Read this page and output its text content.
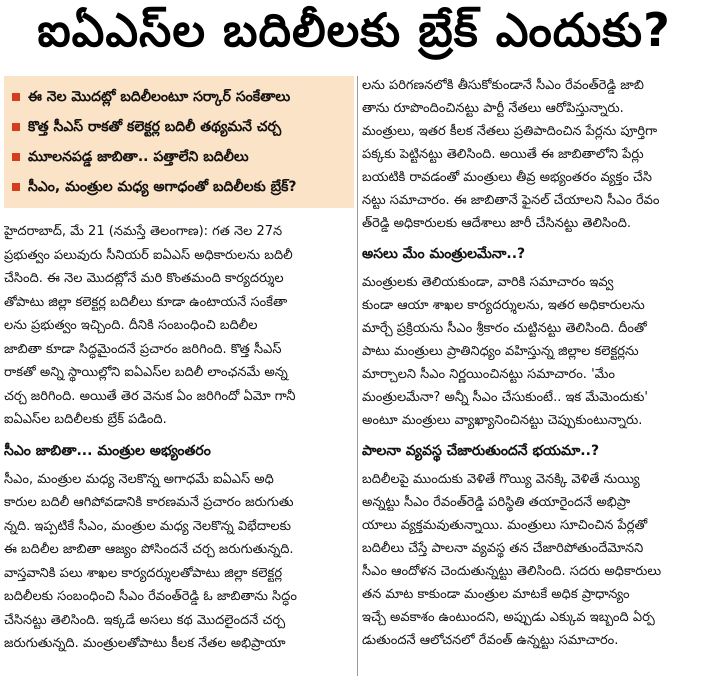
ఐఏఎస్‌ల బదిలీలకు బ్రేక్ ఎందుకు?
ఈ నెల మొదట్లో బదిలీలంటూ సర్కార్ సంకేతాలు
కొత్త సీఎస్ రాకతో కలెక్టర్ల బదిలీ తథ్యమనే చర్చ
మూలనపడ్డ జాబితా.. పత్తాలేని బదిలీలు
సీఎం, మంత్రుల మధ్య అగాధంతో బదిలీలకు బ్రేక్?

హైదరాబాద్, మే 21 (నమస్తే తెలంగాణ): గత నెల 27న

ప్రభుత్వం పలువురు సీనియర్ ఐఏఎస్ అధికారులను బదిలీ

చేసింది. ఈ నెల మొదట్లోనే మరి కొంతమంది కార్యదర్శుల

తోపాటు జిల్లా కలెక్టర్ల బదిలీలు కూడా ఉంటాయనే సంకేతా

లను ప్రభుత్వం ఇచ్చింది. దీనికి సంబంధించి బదిలీల

జాబితా కూడా సిద్ధమైందనే ప్రచారం జరిగింది. కొత్త సీఎస్

రాకతో అన్ని స్థాయిల్లోని ఐఏఎస్‌ల బదిలీ లాంఛనమే అన్న

చర్చ జరిగింది. అయితే తెర వెనుక ఏం జరిగిందో ఏమో గానీ

ఐఏఎస్‌ల బదిలీలకు బ్రేక్ పడింది.

సీఎం జాబితా... మంత్రుల అభ్యంతరం

సీఎం, మంత్రుల మధ్య నెలకొన్న అగాధమే ఐఏఎస్ అధి

కారుల బదిలీ ఆగిపోవడానికి కారణమనే ప్రచారం జరుగుతు

న్నది. ఇప్పటికే సీఎం, మంత్రుల మధ్య నెలకొన్న విభేదాలకు

ఈ బదిలీల జాబితా ఆజ్యం పోసిందనే చర్చ జరుగుతున్నది.

వాస్తవానికి పలు శాఖల కార్యదర్శులతోపాటు జిల్లా కలెక్టర్ల

బదిలీలకు సంబంధించి సీఎం రేవంత్‌రెడ్డి ఓ జాబితాను సిద్ధం

చేసినట్టు తెలిసింది. ఇక్కడే అసలు కథ మొదలైందనే చర్చ

జరుగుతున్నది. మంత్రులతోపాటు కీలక నేతల అభిప్రాయా

లను పరిగణనలోకి తీసుకోకుండానే సీఎం రేవంత్‌రెడ్డి జాబి

తాను రూపొందించినట్టు పార్టీ నేతలు ఆరోపిస్తున్నారు.

మంత్రులు, ఇతర కీలక నేతలు ప్రతిపాదించిన పేర్లను పూర్తిగా

పక్కకు పెట్టినట్టు తెలిసింది. అయితే ఈ జాబితాలోని పేర్లు

బయటికి రావడంతో మంత్రులు తీవ్ర అభ్యంతరం వ్యక్తం చేసి

నట్టు సమాచారం. ఈ జాబితానే ఫైనల్ చేయాలని సీఎం రేవం

త్‌రెడ్డి అధికారులకు ఆదేశాలు జారీ చేసినట్టు తెలిసింది.

అసలు మేం మంత్రులమేనా..?

మంత్రులకు తెలియకుండా, వారికి సమాచారం ఇవ్వ

కుండా ఆయా శాఖల కార్యదర్శులను, ఇతర అధికారులను

మార్చే ప్రక్రియను సీఎం శ్రీకారం చుట్టినట్టు తెలిసింది. దీంతో

పాటు మంత్రులు ప్రాతినిధ్యం వహిస్తున్న జిల్లాల కలెక్టర్లను

మార్చాలని సీఎం నిర్ణయించినట్టు సమాచారం. 'మేం

మంత్రులమేనా? అన్నీ సీఎం చేసుకుంటే.. ఇక మేమెందుకు'

అంటూ మంత్రులు వ్యాఖ్యానించినట్టు చెప్పుకుంటున్నారు.

పాలనా వ్యవస్థ చేజారుతుందనే భయమా..?

బదిలీలపై ముందుకు వెళితే గొయ్యి వెనక్కి వెళితే నుయ్యి

అన్నట్టు సీఎం రేవంత్‌రెడ్డి పరిస్థితి తయారైందనే అభిప్రా

యాలు వ్యక్తమవుతున్నాయి. మంత్రులు సూచించిన పేర్లతో

బదిలీలు చేస్తే పాలనా వ్యవస్థ తన చేజారిపోతుందేమోనని

సీఎం ఆందోళన చెందుతున్నట్టు తెలిసింది. సదరు అధికారులు

తన మాట కాకుండా మంత్రుల మాటకే అధిక ప్రాధాన్యం

ఇచ్చే అవకాశం ఉంటుందని, అప్పుడు ఎక్కువ ఇబ్బంది ఏర్ప

డుతుందనే ఆలోచనలో రేవంత్ ఉన్నట్టు సమాచారం.
